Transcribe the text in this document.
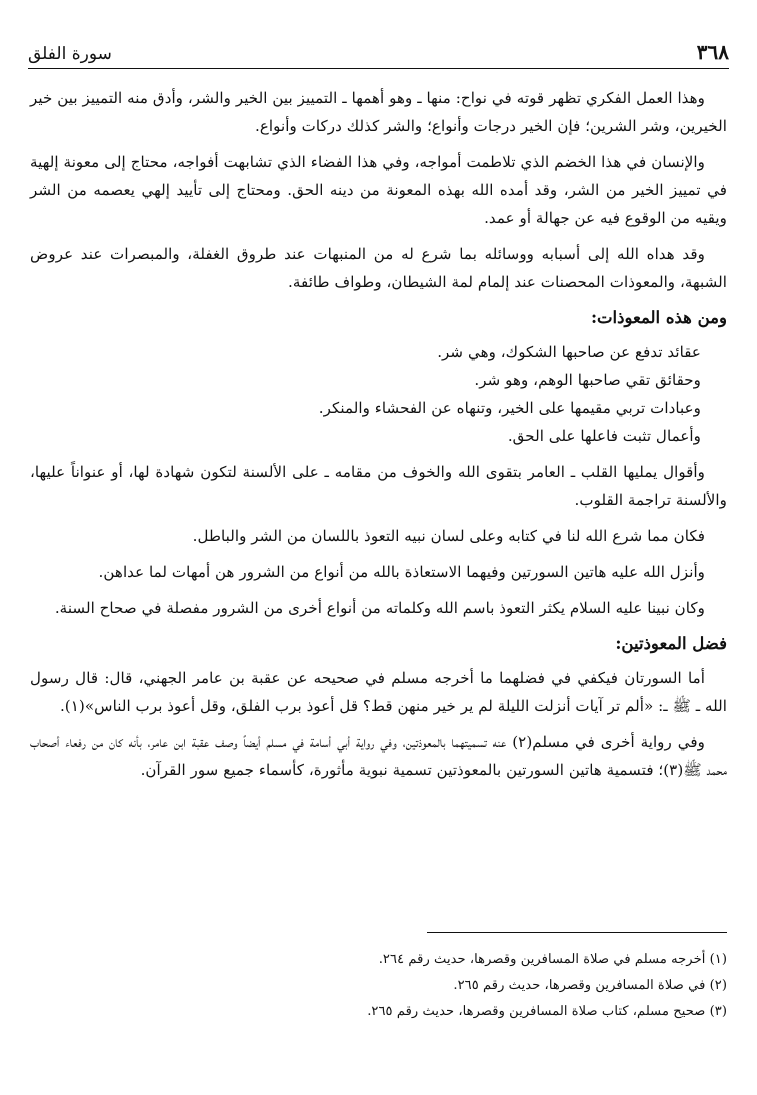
٣٦٨
سورة الفلق

وهذا العمل الفكري تظهر قوته في نواح: منها ـ وهو أهمها ـ التمييز بين الخير والشر، وأدق منه التمييز بين خير الخيرين، وشر الشرين؛ فإن الخير درجات وأنواع؛ والشر كذلك دركات وأنواع.

والإنسان في هذا الخضم الذي تلاطمت أمواجه، وفي هذا الفضاء الذي تشابهت أفواجه، محتاج إلى معونة إلهية في تمييز الخير من الشر، وقد أمده الله بهذه المعونة من دينه الحق. ومحتاج إلى تأييد إلهي يعصمه من الشر ويقيه من الوقوع فيه عن جهالة أو عمد.

وقد هداه الله إلى أسبابه ووسائله بما شرع له من المنبهات عند طروق الغفلة، والمبصرات عند عروض الشبهة، والمعوذات المحصنات عند إلمام لمة الشيطان، وطواف طائفة.

ومن هذه المعوذات:
عقائد تدفع عن صاحبها الشكوك، وهي شر.
وحقائق تقي صاحبها الوهم، وهو شر.
وعبادات تربي مقيمها على الخير، وتنهاه عن الفحشاء والمنكر.
وأعمال تثبت فاعلها على الحق.

وأقوال يمليها القلب ـ العامر بتقوى الله والخوف من مقامه ـ على الألسنة لتكون شهادة لها، أو عنواناً عليها، والألسنة تراجمة القلوب.

فكان مما شرع الله لنا في كتابه وعلى لسان نبيه التعوذ باللسان من الشر والباطل.

وأنزل الله عليه هاتين السورتين وفيهما الاستعاذة بالله من أنواع من الشرور هن أمهات لما عداهن.

وكان نبينا عليه السلام يكثر التعوذ باسم الله وكلماته من أنواع أخرى من الشرور مفصلة في صحاح السنة.

فضل المعوذتين:

أما السورتان فيكفي في فضلهما ما أخرجه مسلم في صحيحه عن عقبة بن عامر الجهني، قال: قال رسول الله ـ ﷺ ـ: «ألم تر آيات أنزلت الليلة لم ير خير منهن قط؟ قل أعوذ برب الفلق، وقل أعوذ برب الناس»(١).

وفي رواية أخرى في مسلم(٢) عنه تسميتهما بالمعوذتين، وفي رواية أبي أسامة في مسلم أيضاً وصف عقبة ابن عامر، بأنه كان من رفعاء أصحاب محمد ﷺ(٣)؛ فتسمية هاتين السورتين بالمعوذتين تسمية نبوية مأثورة، كأسماء جميع سور القرآن.

(١) أخرجه مسلم في صلاة المسافرين وقصرها، حديث رقم ٢٦٤.
(٢) في صلاة المسافرين وقصرها، حديث رقم ٢٦٥.
(٣) صحيح مسلم، كتاب صلاة المسافرين وقصرها، حديث رقم ٢٦٥.
